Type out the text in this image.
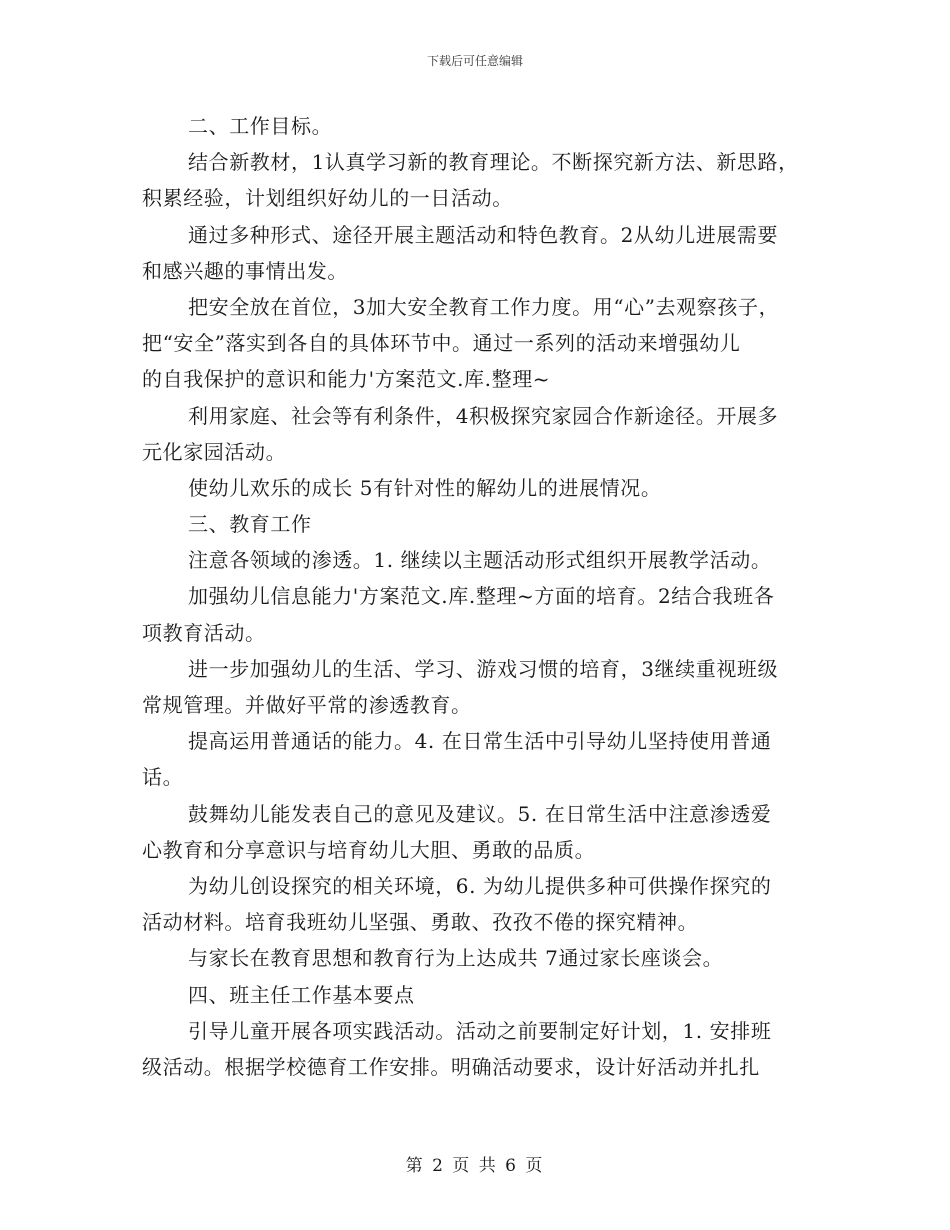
下载后可任意编辑

二、工作目标。

结合新教材，1认真学习新的教育理论。不断探究新方法、新思路，
积累经验，计划组织好幼儿的一日活动。

通过多种形式、途径开展主题活动和特色教育。2从幼儿进展需要
和感兴趣的事情出发。

把安全放在首位，3加大安全教育工作力度。用“心”去观察孩子，
把“安全”落实到各自的具体环节中。通过一系列的活动来增强幼儿
的自我保护的意识和能力'方案范文.库.整理~

利用家庭、社会等有利条件，4积极探究家园合作新途径。开展多
元化家园活动。

使幼儿欢乐的成长 5有针对性的解幼儿的进展情况。

三、教育工作

注意各领域的渗透。1. 继续以主题活动形式组织开展教学活动。

加强幼儿信息能力'方案范文.库.整理~方面的培育。2结合我班各
项教育活动。

进一步加强幼儿的生活、学习、游戏习惯的培育，3继续重视班级
常规管理。并做好平常的渗透教育。

提高运用普通话的能力。4. 在日常生活中引导幼儿坚持使用普通
话。

鼓舞幼儿能发表自己的意见及建议。5. 在日常生活中注意渗透爱
心教育和分享意识与培育幼儿大胆、勇敢的品质。

为幼儿创设探究的相关环境，6. 为幼儿提供多种可供操作探究的
活动材料。培育我班幼儿坚强、勇敢、孜孜不倦的探究精神。

与家长在教育思想和教育行为上达成共 7通过家长座谈会。

四、班主任工作基本要点

引导儿童开展各项实践活动。活动之前要制定好计划，1. 安排班
级活动。根据学校德育工作安排。明确活动要求，设计好活动并扎扎

第 2 页 共 6 页
